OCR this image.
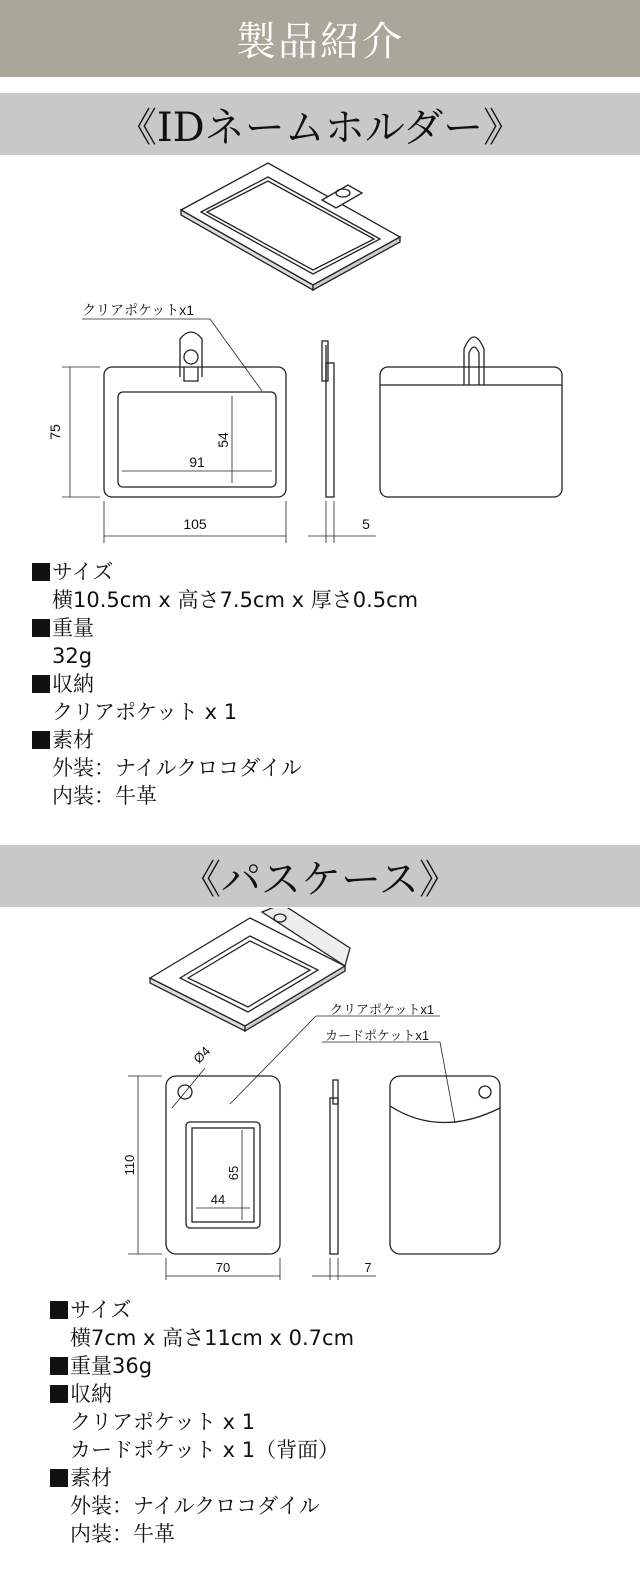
製品紹介
《IDネームホルダー》
クリアポケットx1
75
54
91
105	5
サイズ
横10.5cm x 高さ7.5cm x 厚さ0.5cm
重量
32g
収納
クリアポケット x 1
素材
外装：ナイルクロコダイル
内装：牛革
《パスケース》
クリアポケットx1
カードポケットx1
Ø4
110	65
44
70	7
サイズ
横7cm x 高さ11cm x 0.7cm
重量36g
収納
クリアポケット x 1
カードポケット x 1（背面）
素材
外装：ナイルクロコダイル
内装：牛革
